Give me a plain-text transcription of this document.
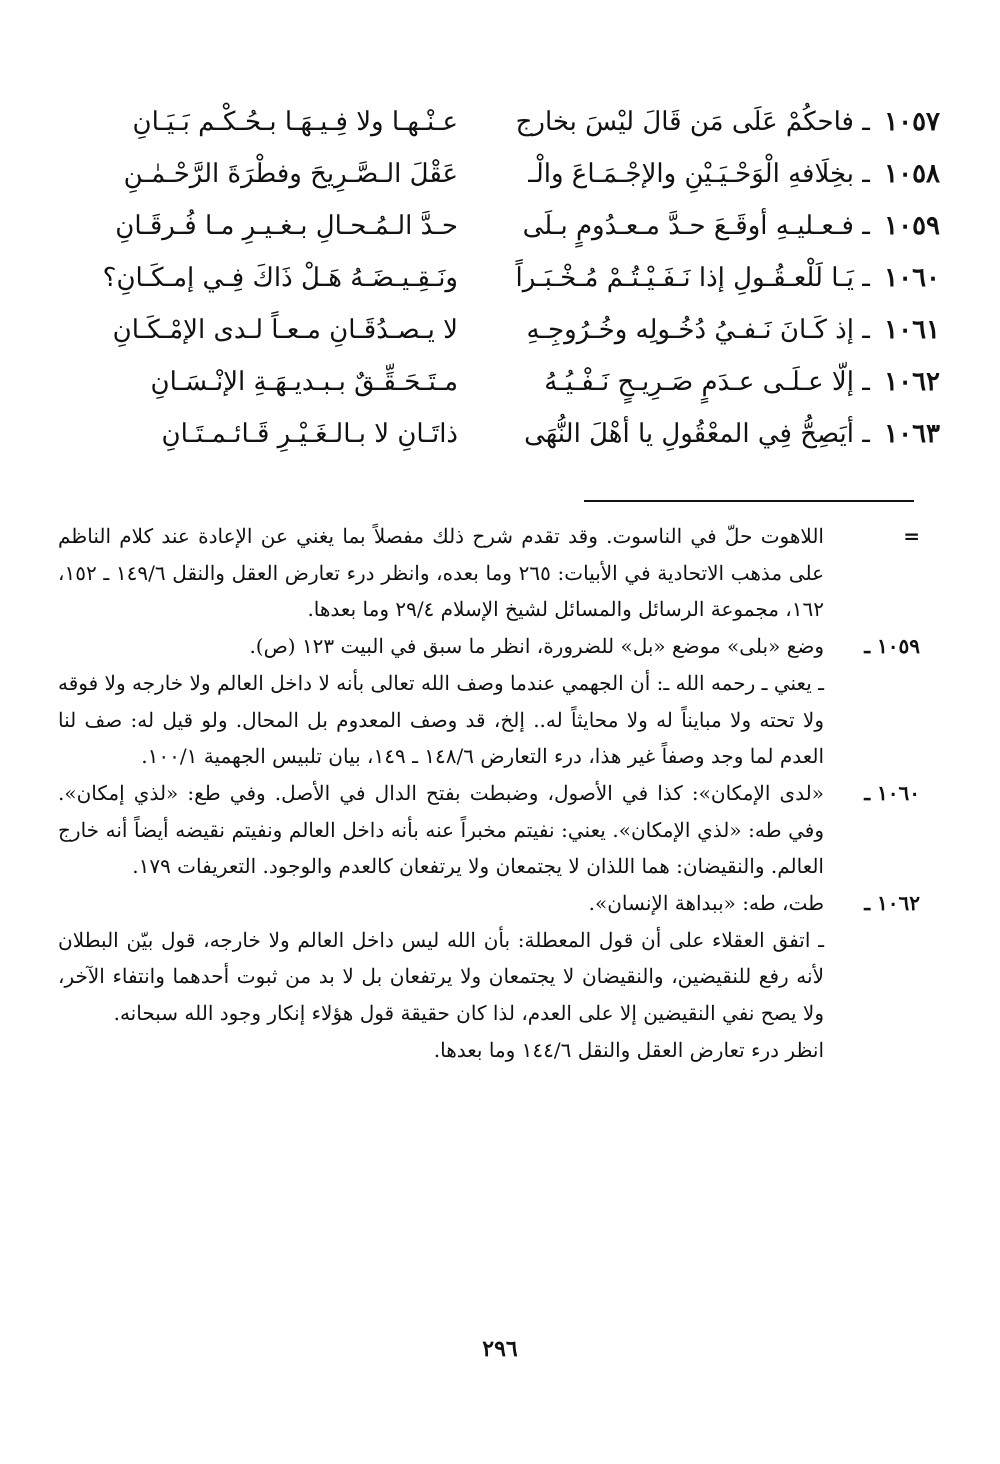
١٠٥٧ ـ فاحكُمْ عَلَى مَن قَالَ ليْسَ بخارج
عـنْـهـا ولا فِـيـهَـا بـحُـكْـم بَـيَـانِ
١٠٥٨ ـ بخِلَافهِ الْوَحْـيَـيْنِ والإجْـمَـاعَ والْـ
عَقْلَ الـصَّـرِيحَ وفطْرَةَ الرَّحْـمٰـنِ
١٠٥٩ ـ فـعـليـهِ أوقَـعَ حـدَّ مـعـدُومٍ بـلَى
حـدَّ الـمُـحـالِ بـغـيـرِ مـا فُـرقَـانِ
١٠٦٠ ـ يَـا لَلْعـقُـولِ إذا نَـفَـيْـتُـمْ مُـخْـبَـراً
ونَـقِـيـضَـهُ هَـلْ ذَاكَ فِـي إمـكَـانِ؟
١٠٦١ ـ إذ كَـانَ نَـفـيُ دُخُـولِه وخُـرُوجِـهِ
لا يـصـدُقَـانِ مـعـاً لـدى الإمْـكَـانِ
١٠٦٢ ـ إلّا عـلَـى عـدَمٍ صَـرِيـحٍ نَـفْـيُـهُ
مـتَـحَـقِّـقٌ بـبـديـهَـةِ الإنْـسَـانِ
١٠٦٣ ـ أيَصِحُّ فِي المعْقُولِ يا أهْلَ النُّهَى
ذاتَـانِ لا بـالـغَـيْـرِ قَـائـمـتَـانِ
=
اللاهوت حلّ في الناسوت. وقد تقدم شرح ذلك مفصلاً بما يغني عن الإعادة عند كلام الناظم على مذهب الاتحادية في الأبيات: ٢٦٥ وما بعده، وانظر درء تعارض العقل والنقل ١٤٩/٦ ـ ١٥٢، ١٦٢، مجموعة الرسائل والمسائل لشيخ الإسلام ٢٩/٤ وما بعدها.
١٠٥٩ ـ
وضع «بلى» موضع «بل» للضرورة، انظر ما سبق في البيت ١٢٣ (ص).
ـ يعني ـ رحمه الله ـ: أن الجهمي عندما وصف الله تعالى بأنه لا داخل العالم ولا خارجه ولا فوقه ولا تحته ولا مبايناً له ولا محايثاً له.. إلخ، قد وصف المعدوم بل المحال. ولو قيل له: صف لنا العدم لما وجد وصفاً غير هذا، درء التعارض ١٤٨/٦ ـ ١٤٩، بيان تلبيس الجهمية ١٠٠/١.
١٠٦٠ ـ
«لدى الإمكان»: كذا في الأصول، وضبطت بفتح الدال في الأصل. وفي طع: «لذي إمكان». وفي طه: «لذي الإمكان». يعني: نفيتم مخبراً عنه بأنه داخل العالم ونفيتم نقيضه أيضاً أنه خارج العالم. والنقيضان: هما اللذان لا يجتمعان ولا يرتفعان كالعدم والوجود. التعريفات ١٧٩.
١٠٦٢ ـ
طت، طه: «ببداهة الإنسان».
ـ اتفق العقلاء على أن قول المعطلة: بأن الله ليس داخل العالم ولا خارجه، قول بيّن البطلان لأنه رفع للنقيضين، والنقيضان لا يجتمعان ولا يرتفعان بل لا بد من ثبوت أحدهما وانتفاء الآخر، ولا يصح نفي النقيضين إلا على العدم، لذا كان حقيقة قول هؤلاء إنكار وجود الله سبحانه.
انظر درء تعارض العقل والنقل ١٤٤/٦ وما بعدها.
٢٩٦
